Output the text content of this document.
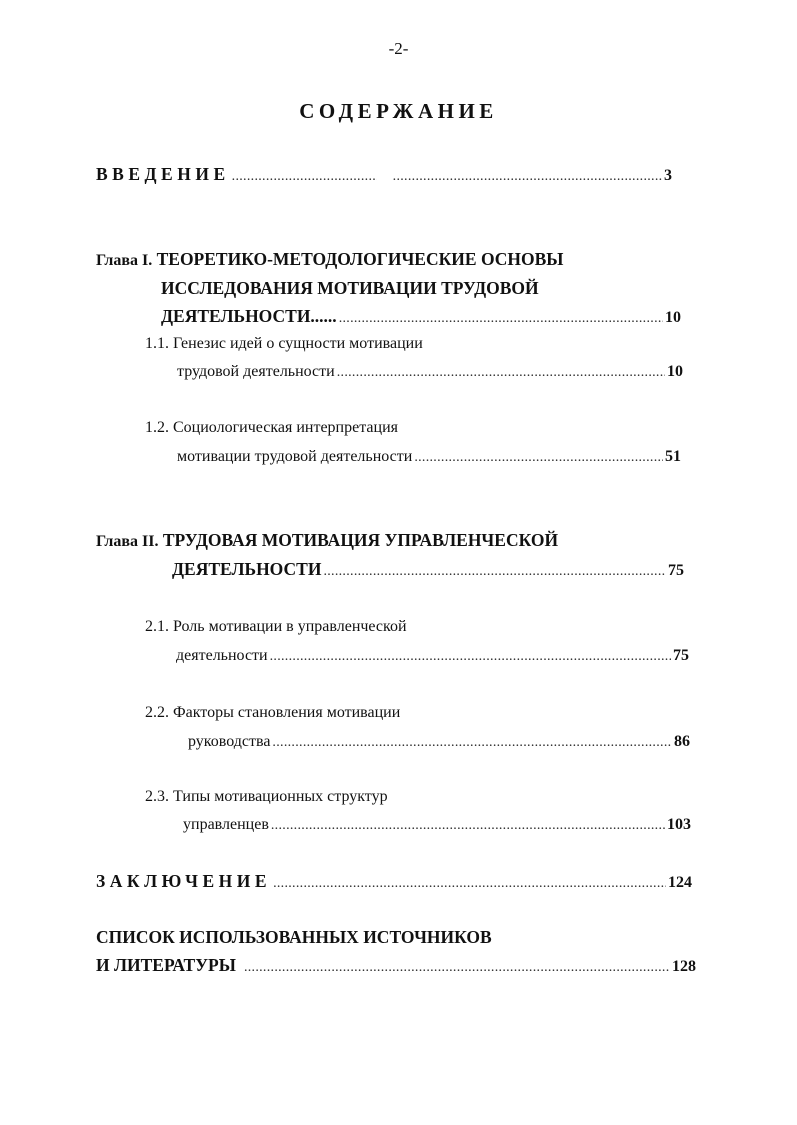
-2-
СОДЕРЖАНИЕ
ВВЕДЕНИЕ ..... .....	3
Глава I. ТЕОРЕТИКО-МЕТОДОЛОГИЧЕСКИЕ ОСНОВЫ
ИССЛЕДОВАНИЯ МОТИВАЦИИ ТРУДОВОЙ
ДЕЯТЕЛЬНОСТИ...... .....	10
1.1. Генезис идей о сущности мотивации
трудовой деятельности .....	10
1.2. Социологическая интерпретация
мотивации трудовой деятельности .....	51
Глава II. ТРУДОВАЯ МОТИВАЦИЯ УПРАВЛЕНЧЕСКОЙ
ДЕЯТЕЛЬНОСТИ .....	75
2.1. Роль мотивации в управленческой
деятельности .....	75
2.2. Факторы становления мотивации
руководства .....	86
2.3. Типы мотивационных структур
управленцев .....	103
ЗАКЛЮЧЕНИЕ .....	124
СПИСОК ИСПОЛЬЗОВАННЫХ ИСТОЧНИКОВ
И ЛИТЕРАТУРЫ .....	128
